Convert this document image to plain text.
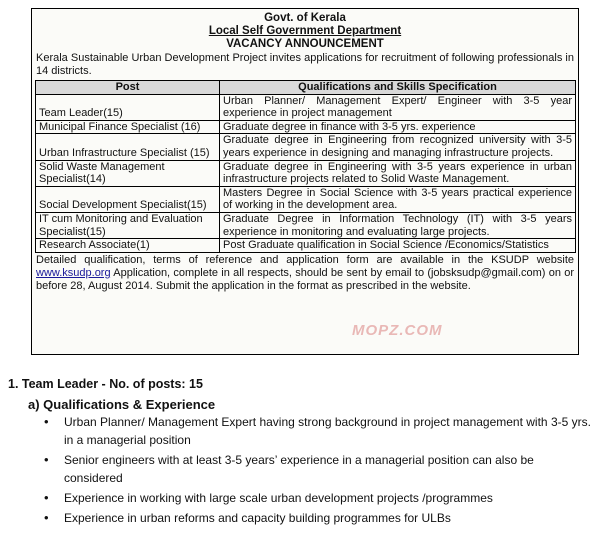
Govt. of Kerala
Local Self Government Department
VACANCY ANNOUNCEMENT
Kerala Sustainable Urban Development Project invites applications for recruitment of following professionals in 14 districts.
Post	Qualifications and Skills Specification
Team Leader(15)	Urban Planner/ Management Expert/ Engineer with 3-5 year experience in project management
Municipal Finance Specialist (16)	Graduate degree in finance with 3-5 yrs. experience
Urban Infrastructure Specialist (15)	Graduate degree in Engineering from recognized university with 3-5 years experience in designing and managing infrastructure projects.
Solid Waste Management Specialist(14)	Graduate degree in Engineering with 3-5 years experience in urban infrastructure projects related to Solid Waste Management.
Social Development Specialist(15)	Masters Degree in Social Science with 3-5 years practical experience of working in the development area.
IT cum Monitoring and Evaluation Specialist(15)	Graduate Degree in Information Technology (IT) with 3-5 years experience in monitoring and evaluating large projects.
Research Associate(1)	Post Graduate qualification in Social Science /Economics/Statistics
Detailed qualification, terms of reference and application form are available in the KSUDP website www.ksudp.org Application, complete in all respects, should be sent by email to (jobsksudp@gmail.com) on or before 28, August 2014. Submit the application in the format as prescribed in the website.
MOPZ.COM
1. Team Leader - No. of posts: 15
a) Qualifications & Experience
• Urban Planner/ Management Expert having strong background in project management with 3-5 yrs. in a managerial position
• Senior engineers with at least 3-5 years’ experience in a managerial position can also be considered
• Experience in working with large scale urban development projects /programmes
• Experience in urban reforms and capacity building programmes for ULBs
